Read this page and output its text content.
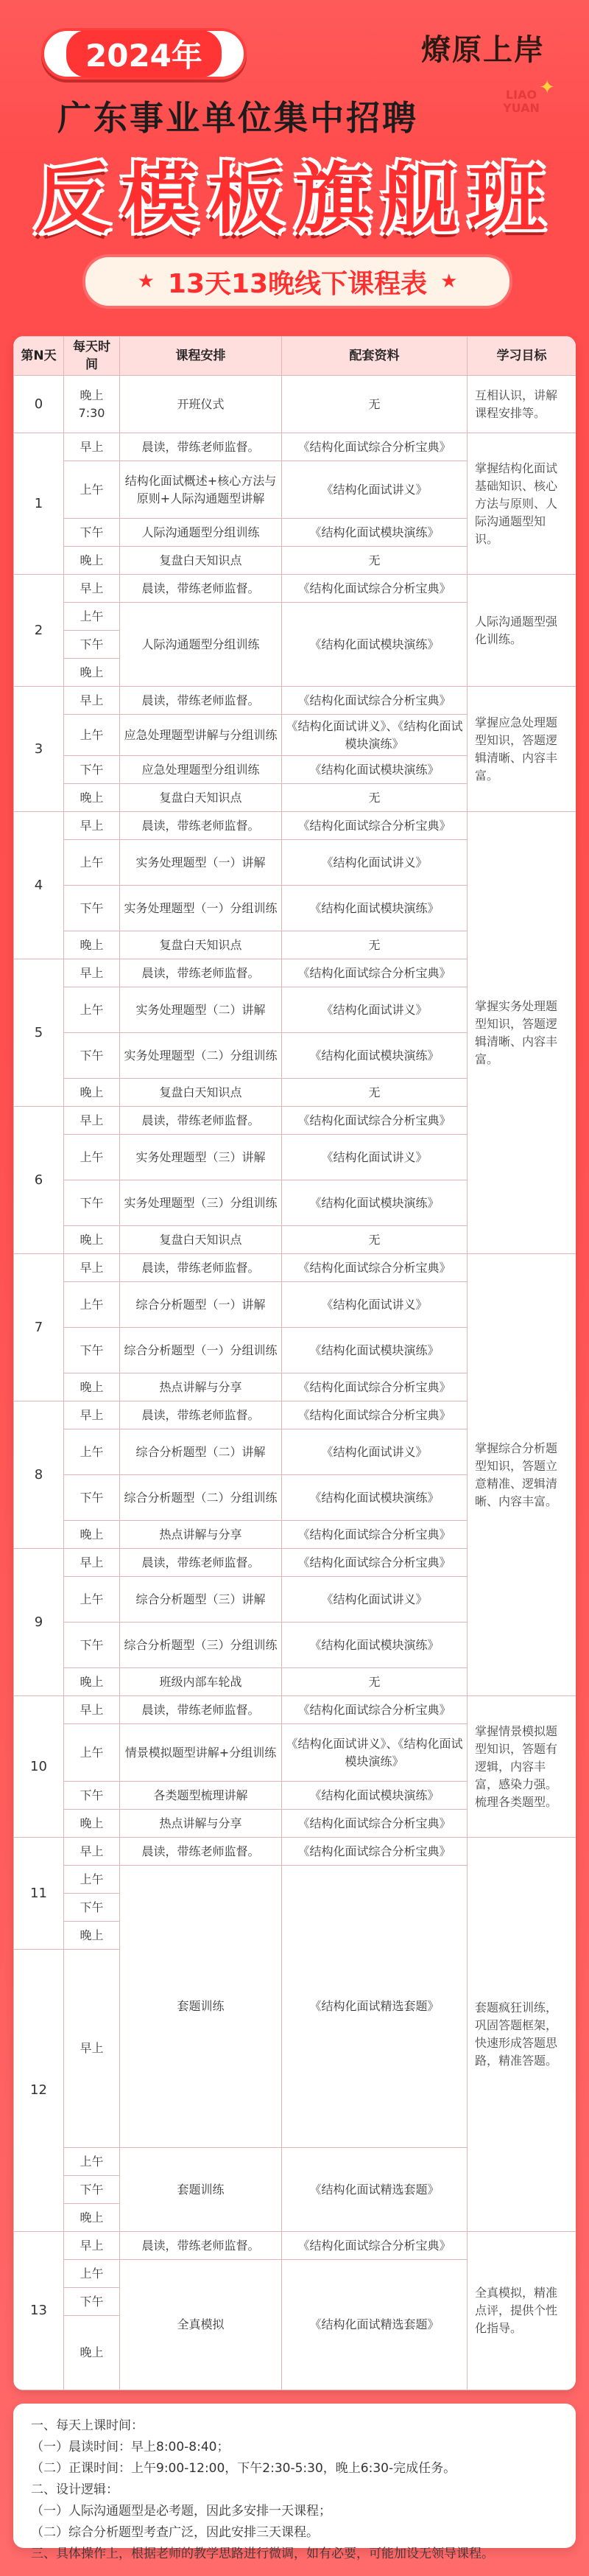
2024年	燎原上岸
广东事业单位集中招聘
✦
LIAO
YUAN
反模板旗舰班
★ 13天13晚线下课程表 ★
第N天	每天时间	课程安排	配套资料	学习目标	
0	晚上7:30	开班仪式	无	互相认识，讲解课程安排等。	
1	早上	晨读，带练老师监督。	《结构化面试综合分析宝典》	掌握结构化面试基础知识、核心方法与原则、人际沟通题型知识。	
	上午	结构化面试概述+核心方法与原则+人际沟通题型讲解	《结构化面试讲义》		
	下午	人际沟通题型分组训练	《结构化面试模块演练》		
	晚上	复盘白天知识点	无		
2	早上	晨读，带练老师监督。	《结构化面试综合分析宝典》	人际沟通题型强化训练。	
	上午	人际沟通题型分组训练	《结构化面试模块演练》		
	下午				
	晚上				
3	早上	晨读，带练老师监督。	《结构化面试综合分析宝典》	掌握应急处理题型知识，答题逻辑清晰、内容丰富。	
	上午	应急处理题型讲解与分组训练	《结构化面试讲义》、《结构化面试模块演练》		
	下午	应急处理题型分组训练	《结构化面试模块演练》		
	晚上	复盘白天知识点	无		
4	早上	晨读，带练老师监督。	《结构化面试综合分析宝典》	掌握实务处理题型知识，答题逻辑清晰、内容丰富。	
	上午	实务处理题型（一）讲解	《结构化面试讲义》		
	下午	实务处理题型（一）分组训练	《结构化面试模块演练》		
	晚上	复盘白天知识点	无		
5	早上	晨读，带练老师监督。	《结构化面试综合分析宝典》		
	上午	实务处理题型（二）讲解	《结构化面试讲义》		
	下午	实务处理题型（二）分组训练	《结构化面试模块演练》		
	晚上	复盘白天知识点	无		
6	早上	晨读，带练老师监督。	《结构化面试综合分析宝典》		
	上午	实务处理题型（三）讲解	《结构化面试讲义》		
	下午	实务处理题型（三）分组训练	《结构化面试模块演练》		
	晚上	复盘白天知识点	无		
7	早上	晨读，带练老师监督。	《结构化面试综合分析宝典》	掌握综合分析题型知识，答题立意精准、逻辑清晰、内容丰富。	
	上午	综合分析题型（一）讲解	《结构化面试讲义》		
	下午	综合分析题型（一）分组训练	《结构化面试模块演练》		
	晚上	热点讲解与分享	《结构化面试综合分析宝典》		
8	早上	晨读，带练老师监督。	《结构化面试综合分析宝典》		
	上午	综合分析题型（二）讲解	《结构化面试讲义》		
	下午	综合分析题型（二）分组训练	《结构化面试模块演练》		
	晚上	热点讲解与分享	《结构化面试综合分析宝典》		
9	早上	晨读，带练老师监督。	《结构化面试综合分析宝典》		
	上午	综合分析题型（三）讲解	《结构化面试讲义》		
	下午	综合分析题型（三）分组训练	《结构化面试模块演练》		
	晚上	班级内部车轮战	无		
10	早上	晨读，带练老师监督。	《结构化面试综合分析宝典》	掌握情景模拟题型知识，答题有逻辑，内容丰富，感染力强。梳理各类题型。	
	上午	情景模拟题型讲解+分组训练	《结构化面试讲义》、《结构化面试模块演练》		
	下午	各类题型梳理讲解	《结构化面试模块演练》		
	晚上	热点讲解与分享	《结构化面试综合分析宝典》		
11	早上	晨读，带练老师监督。	《结构化面试综合分析宝典》	套题疯狂训练，巩固答题框架，快速形成答题思路，精准答题。	
	上午	套题训练	《结构化面试精选套题》		
	下午				
	晚上				
12	早上		
	上午	套题训练	《结构化面试精选套题》		
	下午				
	晚上				
13	早上	晨读，带练老师监督。	《结构化面试综合分析宝典》	全真模拟，精准点评，提供个性化指导。	
	上午	全真模拟	《结构化面试精选套题》		
	下午				
	晚上	

一、每天上课时间：

（一）晨读时间：早上8:00-8:40；

（二）正课时间：上午9:00-12:00，下午2:30-5:30，晚上6:30-完成任务。

二、设计逻辑：

（一）人际沟通题型是必考题，因此多安排一天课程；

（二）综合分析题型考查广泛，因此安排三天课程。

三、具体操作上，根据老师的教学思路进行微调，如有必要，可能加设无领导课程。
